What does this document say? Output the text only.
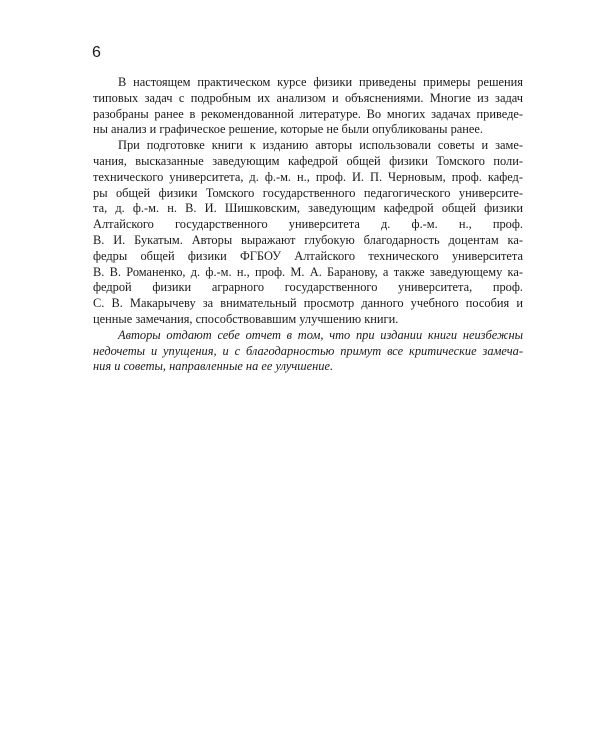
6
В настоящем практическом курсе физики приведены примеры решения
типовых задач с подробным их анализом и объяснениями. Многие из задач
разобраны ранее в рекомендованной литературе. Во многих задачах приведе-
ны анализ и графическое решение, которые не были опубликованы ранее.
При подготовке книги к изданию авторы использовали советы и заме-
чания, высказанные заведующим кафедрой общей физики Томского поли-
технического университета, д. ф.-м. н., проф. И. П. Черновым, проф. кафед-
ры общей физики Томского государственного педагогического университе-
та, д. ф.-м. н. В. И. Шишковским, заведующим кафедрой общей физики
Алтайского государственного университета д. ф.-м. н., проф.
В. И. Букатым. Авторы выражают глубокую благодарность доцентам ка-
федры общей физики ФГБОУ Алтайского технического университета
В. В. Романенко, д. ф.-м. н., проф. М. А. Баранову, а также заведующему ка-
федрой физики аграрного государственного университета, проф.
С. В. Макарычеву за внимательный просмотр данного учебного пособия и
ценные замечания, способствовавшим улучшению книги.
Авторы отдают себе отчет в том, что при издании книги неизбежны
недочеты и упущения, и с благодарностью примут все критические замеча-
ния и советы, направленные на ее улучшение.
